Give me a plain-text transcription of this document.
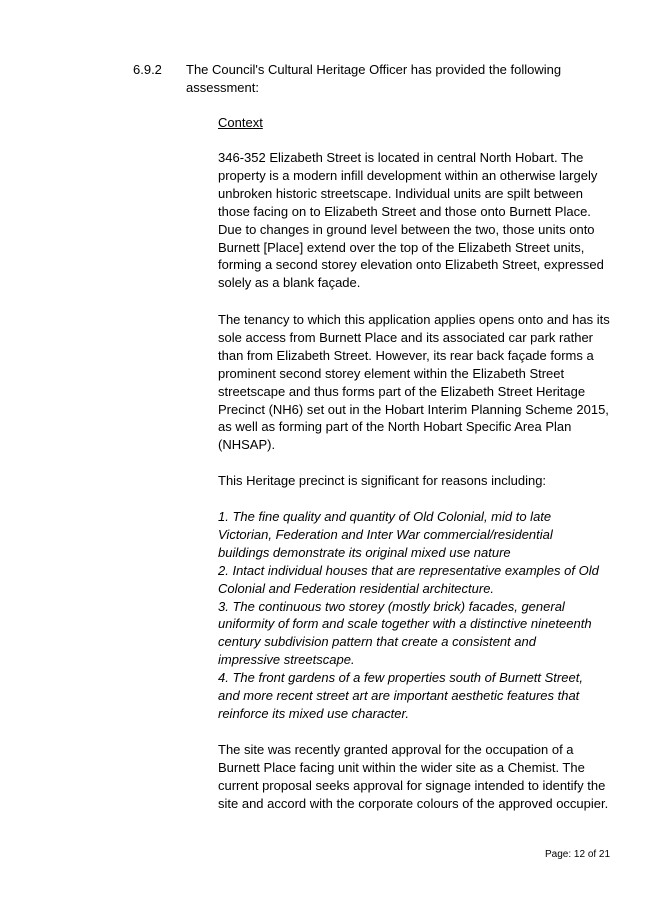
6.9.2 The Council's Cultural Heritage Officer has provided the following
assessment:
Context
346-352 Elizabeth Street is located in central North Hobart. The
property is a modern infill development within an otherwise largely
unbroken historic streetscape. Individual units are spilt between
those facing on to Elizabeth Street and those onto Burnett Place.
Due to changes in ground level between the two, those units onto
Burnett [Place] extend over the top of the Elizabeth Street units,
forming a second storey elevation onto Elizabeth Street, expressed
solely as a blank façade.
The tenancy to which this application applies opens onto and has its
sole access from Burnett Place and its associated car park rather
than from Elizabeth Street. However, its rear back façade forms a
prominent second storey element within the Elizabeth Street
streetscape and thus forms part of the Elizabeth Street Heritage
Precinct (NH6) set out in the Hobart Interim Planning Scheme 2015,
as well as forming part of the North Hobart Specific Area Plan
(NHSAP).
This Heritage precinct is significant for reasons including:
1. The fine quality and quantity of Old Colonial, mid to late
Victorian, Federation and Inter War commercial/residential
buildings demonstrate its original mixed use nature
2. Intact individual houses that are representative examples of Old
Colonial and Federation residential architecture.
3. The continuous two storey (mostly brick) facades, general
uniformity of form and scale together with a distinctive nineteenth
century subdivision pattern that create a consistent and
impressive streetscape.
4. The front gardens of a few properties south of Burnett Street,
and more recent street art are important aesthetic features that
reinforce its mixed use character.
The site was recently granted approval for the occupation of a
Burnett Place facing unit within the wider site as a Chemist. The
current proposal seeks approval for signage intended to identify the
site and accord with the corporate colours of the approved occupier.
Page: 12 of 21
